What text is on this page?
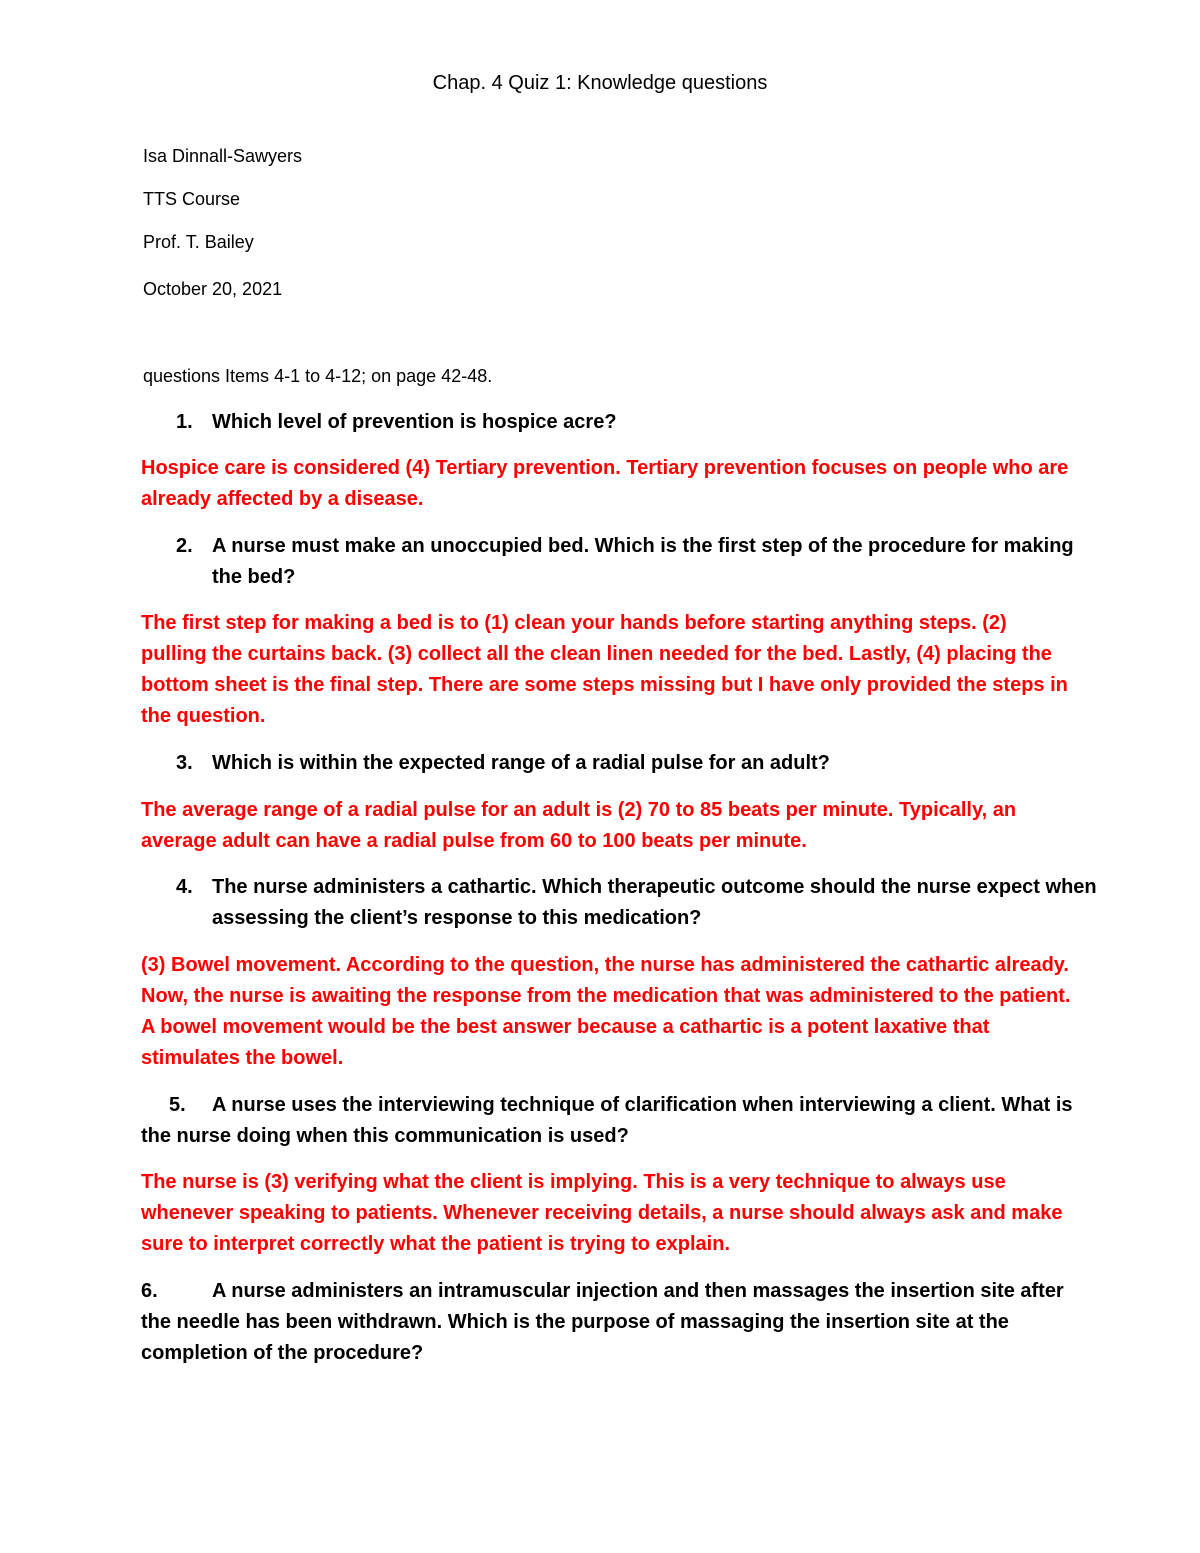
Chap. 4 Quiz 1: Knowledge questions
Isa Dinnall-Sawyers
TTS Course
Prof. T. Bailey
October 20, 2021
questions Items 4-1 to 4-12; on page 42-48.
1. Which level of prevention is hospice acre?
Hospice care is considered (4) Tertiary prevention. Tertiary prevention focuses on people who are already affected by a disease.
2. A nurse must make an unoccupied bed. Which is the first step of the procedure for making the bed?
The first step for making a bed is to (1) clean your hands before starting anything steps. (2) pulling the curtains back. (3) collect all the clean linen needed for the bed. Lastly, (4) placing the bottom sheet is the final step. There are some steps missing but I have only provided the steps in the question.
3. Which is within the expected range of a radial pulse for an adult?
The average range of a radial pulse for an adult is (2) 70 to 85 beats per minute. Typically, an average adult can have a radial pulse from 60 to 100 beats per minute.
4. The nurse administers a cathartic. Which therapeutic outcome should the nurse expect when assessing the client’s response to this medication?
(3) Bowel movement. According to the question, the nurse has administered the cathartic already. Now, the nurse is awaiting the response from the medication that was administered to the patient. A bowel movement would be the best answer because a cathartic is a potent laxative that stimulates the bowel.
5. A nurse uses the interviewing technique of clarification when interviewing a client. What is the nurse doing when this communication is used?
The nurse is (3) verifying what the client is implying. This is a very technique to always use whenever speaking to patients. Whenever receiving details, a nurse should always ask and make sure to interpret correctly what the patient is trying to explain.
6.	A nurse administers an intramuscular injection and then massages the insertion site after the needle has been withdrawn. Which is the purpose of massaging the insertion site at the completion of the procedure?
